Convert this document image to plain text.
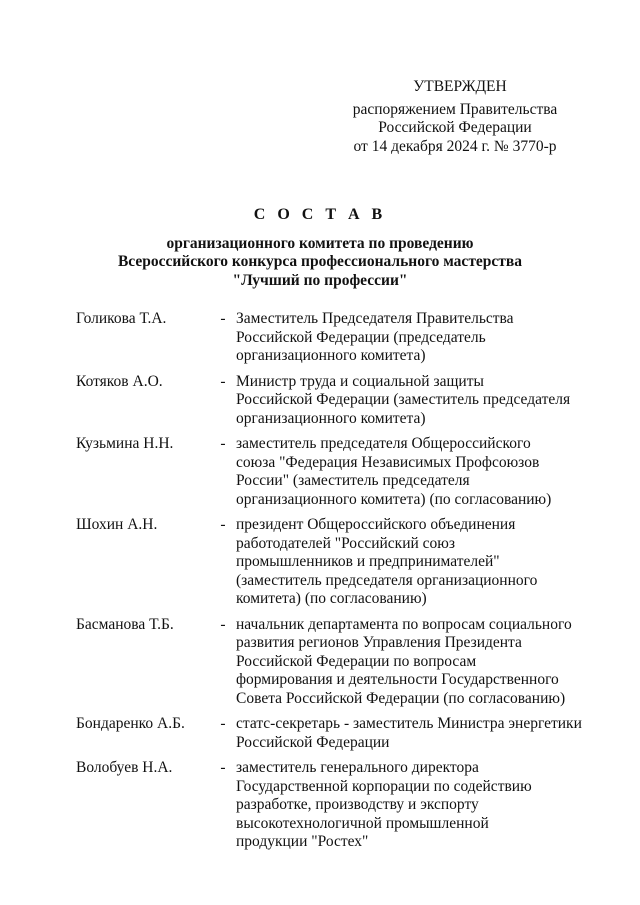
УТВЕРЖДЕН
распоряжением Правительства
Российской Федерации
от 14 декабря 2024 г. № 3770-р
С О С Т А В
организационного комитета по проведению
Всероссийского конкурса профессионального мастерства
"Лучший по профессии"
Голикова Т.А.	- Заместитель Председателя Правительства
Российской Федерации (председатель
организационного комитета)
Котяков А.О.	- Министр труда и социальной защиты
Российской Федерации (заместитель председателя
организационного комитета)
Кузьмина Н.Н.	- заместитель председателя Общероссийского
союза "Федерация Независимых Профсоюзов
России" (заместитель председателя
организационного комитета) (по согласованию)
Шохин А.Н.	- президент Общероссийского объединения
работодателей "Российский союз
промышленников и предпринимателей"
(заместитель председателя организационного
комитета) (по согласованию)
Басманова Т.Б.	- начальник департамента по вопросам социального
развития регионов Управления Президента
Российской Федерации по вопросам
формирования и деятельности Государственного
Совета Российской Федерации (по согласованию)
Бондаренко А.Б.	- статс-секретарь - заместитель Министра энергетики
Российской Федерации
Волобуев Н.А.	- заместитель генерального директора
Государственной корпорации по содействию
разработке, производству и экспорту
высокотехнологичной промышленной
продукции "Ростех"
